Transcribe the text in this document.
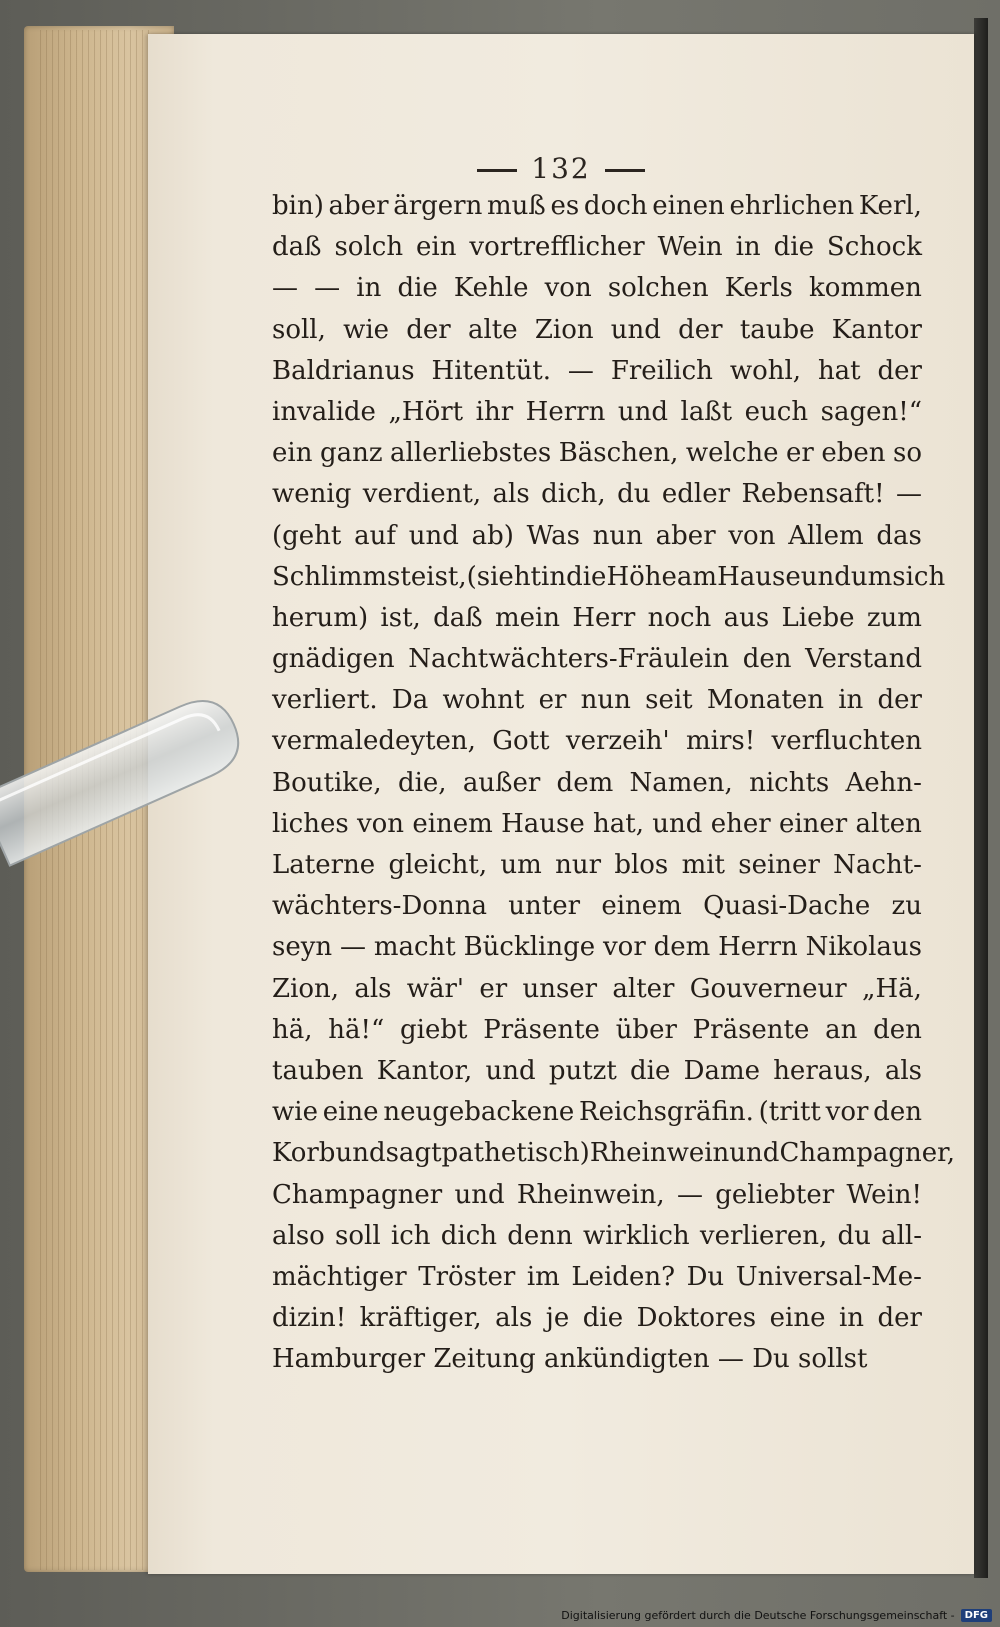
132
bin) aber ärgern muß es doch einen ehrlichen Kerl,
daß solch ein vortrefflicher Wein in die Schock
— — in die Kehle von solchen Kerls kommen
soll, wie der alte Zion und der taube Kantor
Baldrianus Hitentüt. — Freilich wohl, hat der
invalide „Hört ihr Herrn und laßt euch sagen!“
ein ganz allerliebstes Bäschen, welche er eben so
wenig verdient, als dich, du edler Rebensaft! —
(geht auf und ab) Was nun aber von Allem das
Schlimmste ist, (sieht in die Höhe am Hause und um sich
herum) ist, daß mein Herr noch aus Liebe zum
gnädigen Nachtwächters-Fräulein den Verstand
verliert. Da wohnt er nun seit Monaten in der
vermaledeyten, Gott verzeih' mirs! verfluchten
Boutike, die, außer dem Namen, nichts Aehn-
liches von einem Hause hat, und eher einer alten
Laterne gleicht, um nur blos mit seiner Nacht-
wächters-Donna unter einem Quasi-Dache zu
seyn — macht Bücklinge vor dem Herrn Nikolaus
Zion, als wär' er unser alter Gouverneur „Hä,
hä, hä!“ giebt Präsente über Präsente an den
tauben Kantor, und putzt die Dame heraus, als
wie eine neugebackene Reichsgräfin. (tritt vor den
Korb und sagt pathetisch) Rheinwein und Champagner,
Champagner und Rheinwein, — geliebter Wein!
also soll ich dich denn wirklich verlieren, du all-
mächtiger Tröster im Leiden? Du Universal-Me-
dizin! kräftiger, als je die Doktores eine in der
Hamburger Zeitung ankündigten — Du sollst
Digitalisierung gefördert durch die Deutsche Forschungsgemeinschaft -	DFG
